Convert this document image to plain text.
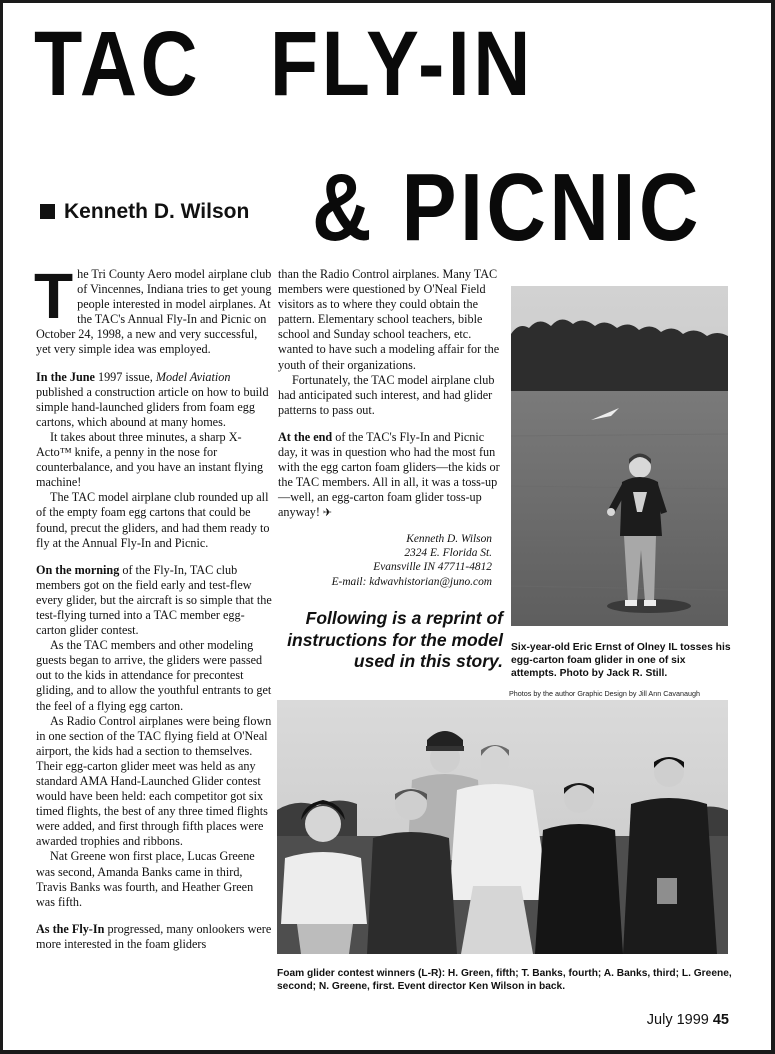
TAC FLY-IN
& PICNIC
Kenneth D. Wilson

The Tri County Aero model airplane club of Vincennes, Indiana tries to get young people interested in model airplanes. At the TAC's Annual Fly-In and Picnic on October 24, 1998, a new and very successful, yet very simple idea was employed.

In the June 1997 issue, Model Aviation published a construction article on how to build simple hand-launched gliders from foam egg cartons, which abound at many homes.

It takes about three minutes, a sharp X-Acto™ knife, a penny in the nose for counterbalance, and you have an instant flying machine!

The TAC model airplane club rounded up all of the empty foam egg cartons that could be found, precut the gliders, and had them ready to fly at the Annual Fly-In and Picnic.

On the morning of the Fly-In, TAC club members got on the field early and test-flew every glider, but the aircraft is so simple that the test-flying turned into a TAC member egg-carton glider contest.

As the TAC members and other modeling guests began to arrive, the gliders were passed out to the kids in attendance for precontest gliding, and to allow the youthful entrants to get the feel of a flying egg carton.

As Radio Control airplanes were being flown in one section of the TAC flying field at O'Neal airport, the kids had a section to themselves. Their egg-carton glider meet was held as any standard AMA Hand-Launched Glider contest would have been held: each competitor got six timed flights, the best of any three timed flights were added, and first through fifth places were awarded trophies and ribbons.

Nat Greene won first place, Lucas Greene was second, Amanda Banks came in third, Travis Banks was fourth, and Heather Green was fifth.

As the Fly-In progressed, many onlookers were more interested in the foam gliders

than the Radio Control airplanes. Many TAC members were questioned by O'Neal Field visitors as to where they could obtain the pattern. Elementary school teachers, bible school and Sunday school teachers, etc. wanted to have such a modeling affair for the youth of their organizations.

Fortunately, the TAC model airplane club had anticipated such interest, and had glider patterns to pass out.

At the end of the TAC's Fly-In and Picnic day, it was in question who had the most fun with the egg carton foam gliders—the kids or the TAC members. All in all, it was a toss-up—well, an egg-carton foam glider toss-up anyway! ✈

Kenneth D. Wilson
2324 E. Florida St.
Evansville IN 47711-4812
E-mail: kdwavhistorian@juno.com

Following is a reprint of instructions for the model used in this story.

Six-year-old Eric Ernst of Olney IL tosses his egg-carton foam glider in one of six attempts. Photo by Jack R. Still.

Photos by the author Graphic Design by Jill Ann Cavanaugh

Foam glider contest winners (L-R): H. Green, fifth; T. Banks, fourth; A. Banks, third; L. Greene, second; N. Greene, first. Event director Ken Wilson in back.

July 1999 45
